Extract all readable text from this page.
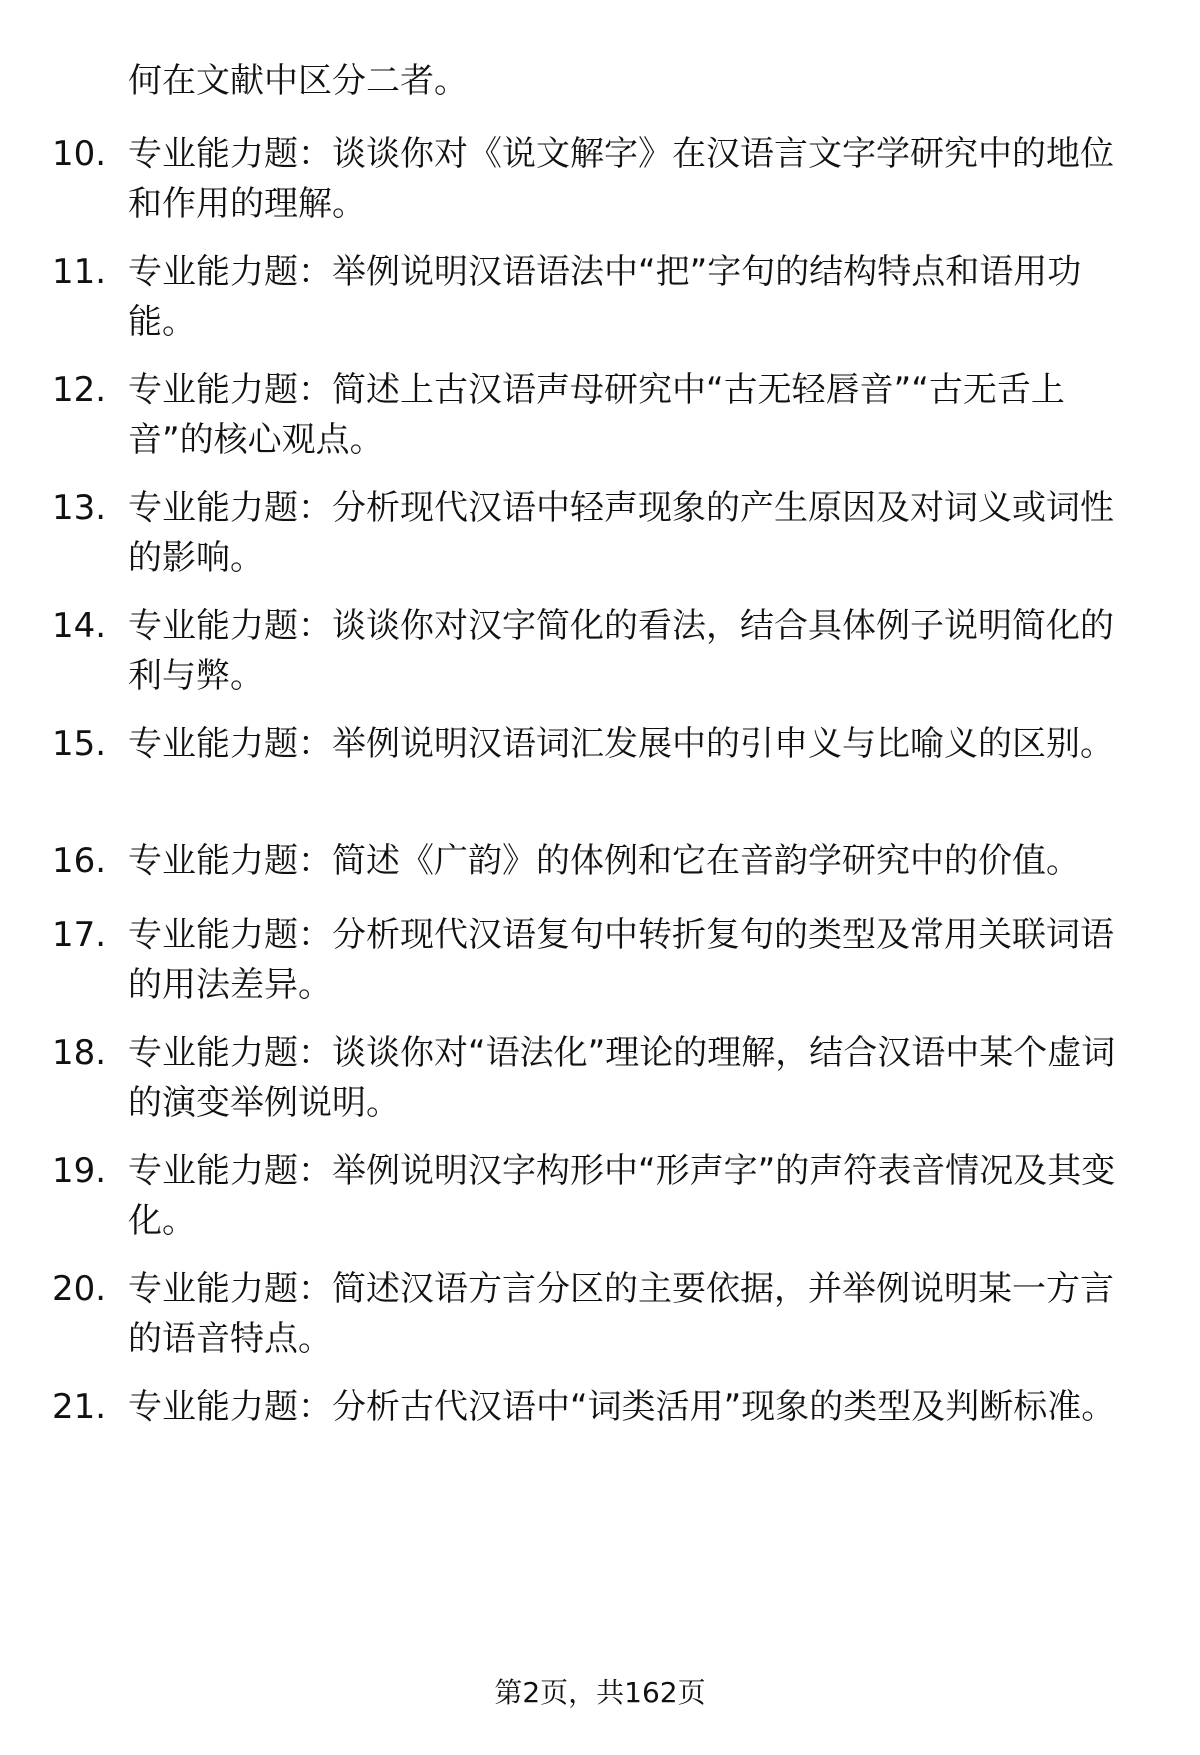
何在文献中区分二者。
10. 专业能力题：谈谈你对《说文解字》在汉语言文字学研究中的地位和作用的理解。
11. 专业能力题：举例说明汉语语法中“把”字句的结构特点和语用功能。
12. 专业能力题：简述上古汉语声母研究中“古无轻唇音”“古无舌上音”的核心观点。
13. 专业能力题：分析现代汉语中轻声现象的产生原因及对词义或词性的影响。
14. 专业能力题：谈谈你对汉字简化的看法，结合具体例子说明简化的利与弊。
15. 专业能力题：举例说明汉语词汇发展中的引申义与比喻义的区别。
16. 专业能力题：简述《广韵》的体例和它在音韵学研究中的价值。
17. 专业能力题：分析现代汉语复句中转折复句的类型及常用关联词语的用法差异。
18. 专业能力题：谈谈你对“语法化”理论的理解，结合汉语中某个虚词的演变举例说明。
19. 专业能力题：举例说明汉字构形中“形声字”的声符表音情况及其变化。
20. 专业能力题：简述汉语方言分区的主要依据，并举例说明某一方言的语音特点。
21. 专业能力题：分析古代汉语中“词类活用”现象的类型及判断标准。
第2页，共162页
